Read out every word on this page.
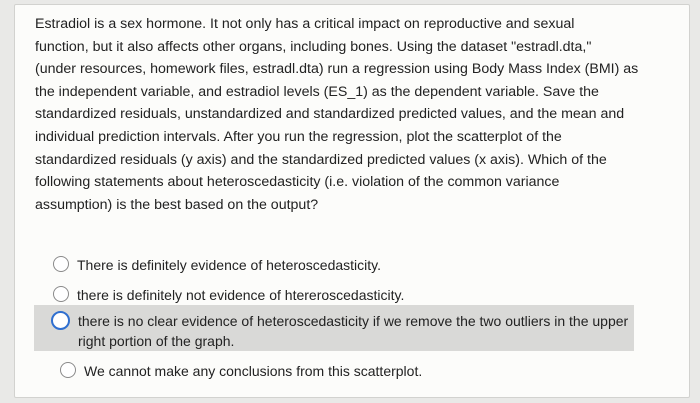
Estradiol is a sex hormone. It not only has a critical impact on reproductive and sexual
function, but it also affects other organs, including bones. Using the dataset "estradl.dta,"
(under resources, homework files, estradl.dta) run a regression using Body Mass Index (BMI) as
the independent variable, and estradiol levels (ES_1) as the dependent variable. Save the
standardized residuals, unstandardized and standardized predicted values, and the mean and
individual prediction intervals. After you run the regression, plot the scatterplot of the
standardized residuals (y axis) and the standardized predicted values (x axis). Which of the
following statements about heteroscedasticity (i.e. violation of the common variance
assumption) is the best based on the output?

There is definitely evidence of heteroscedasticity.
there is definitely not evidence of htereroscedasticity.
there is no clear evidence of heteroscedasticity if we remove the two outliers in the upper
right portion of the graph.
We cannot make any conclusions from this scatterplot.
